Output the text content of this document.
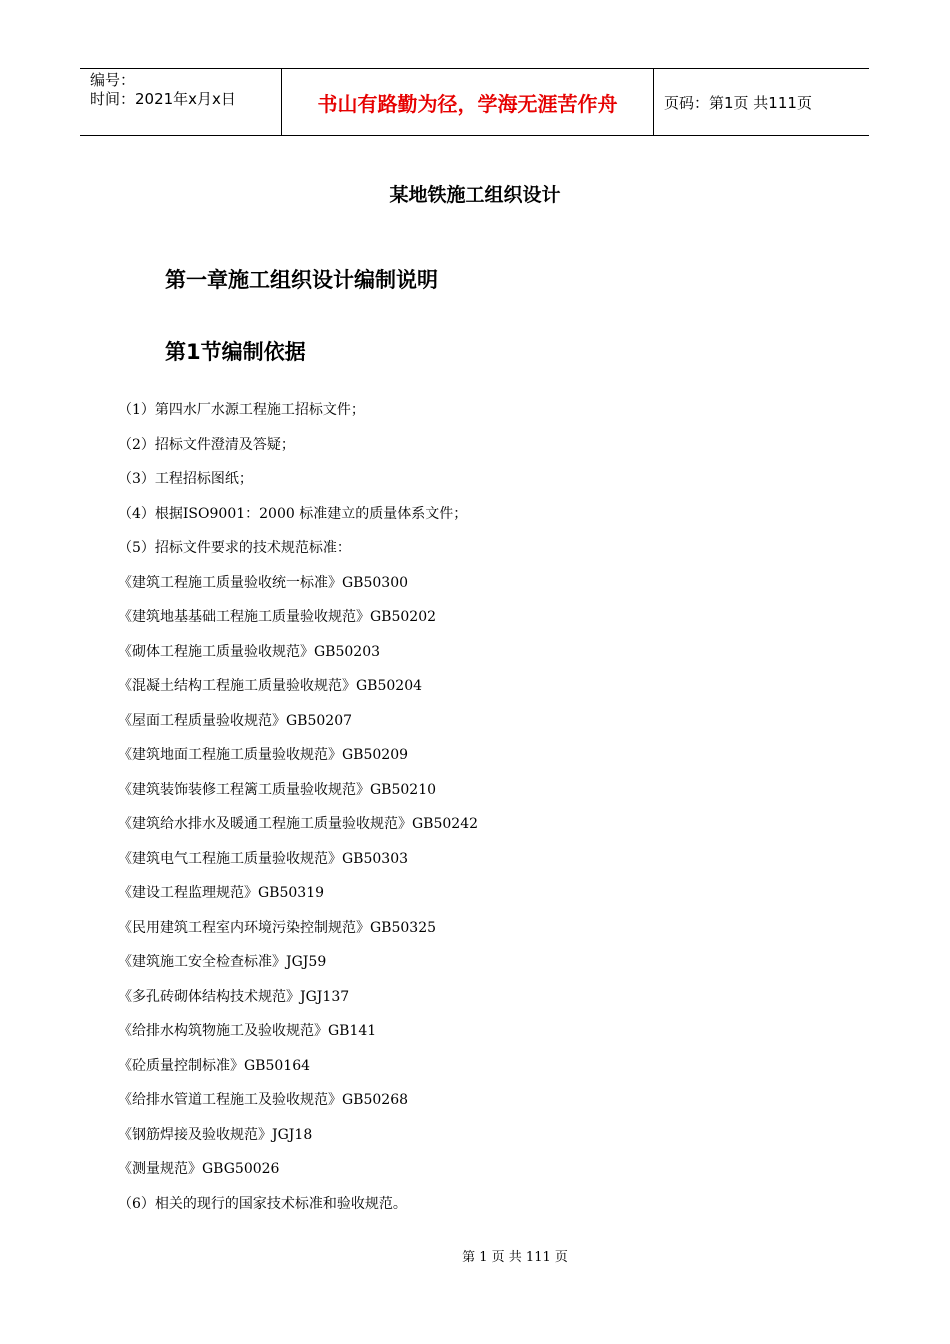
编号：
时间：2021年x月x日	书山有路勤为径，学海无涯苦作舟	页码：第1页 共111页
某地铁施工组织设计
第一章施工组织设计编制说明
第1节编制依据
（1）第四水厂水源工程施工招标文件；
（2）招标文件澄清及答疑；
（3）工程招标图纸；
（4）根据ISO9001：2000 标准建立的质量体系文件；
（5）招标文件要求的技术规范标准：
《建筑工程施工质量验收统一标准》GB50300
《建筑地基基础工程施工质量验收规范》GB50202
《砌体工程施工质量验收规范》GB50203
《混凝土结构工程施工质量验收规范》GB50204
《屋面工程质量验收规范》GB50207
《建筑地面工程施工质量验收规范》GB50209
《建筑装饰装修工程篱工质量验收规范》GB50210
《建筑给水排水及暖通工程施工质量验收规范》GB50242
《建筑电气工程施工质量验收规范》GB50303
《建设工程监理规范》GB50319
《民用建筑工程室内环境污染控制规范》GB50325
《建筑施工安全检查标准》JGJ59
《多孔砖砌体结构技术规范》JGJ137
《给排水构筑物施工及验收规范》GB141
《砼质量控制标准》GB50164
《给排水管道工程施工及验收规范》GB50268
《钢筋焊接及验收规范》JGJ18
《测量规范》GBG50026
（6）相关的现行的国家技术标准和验收规范。
第 1 页 共 111 页
